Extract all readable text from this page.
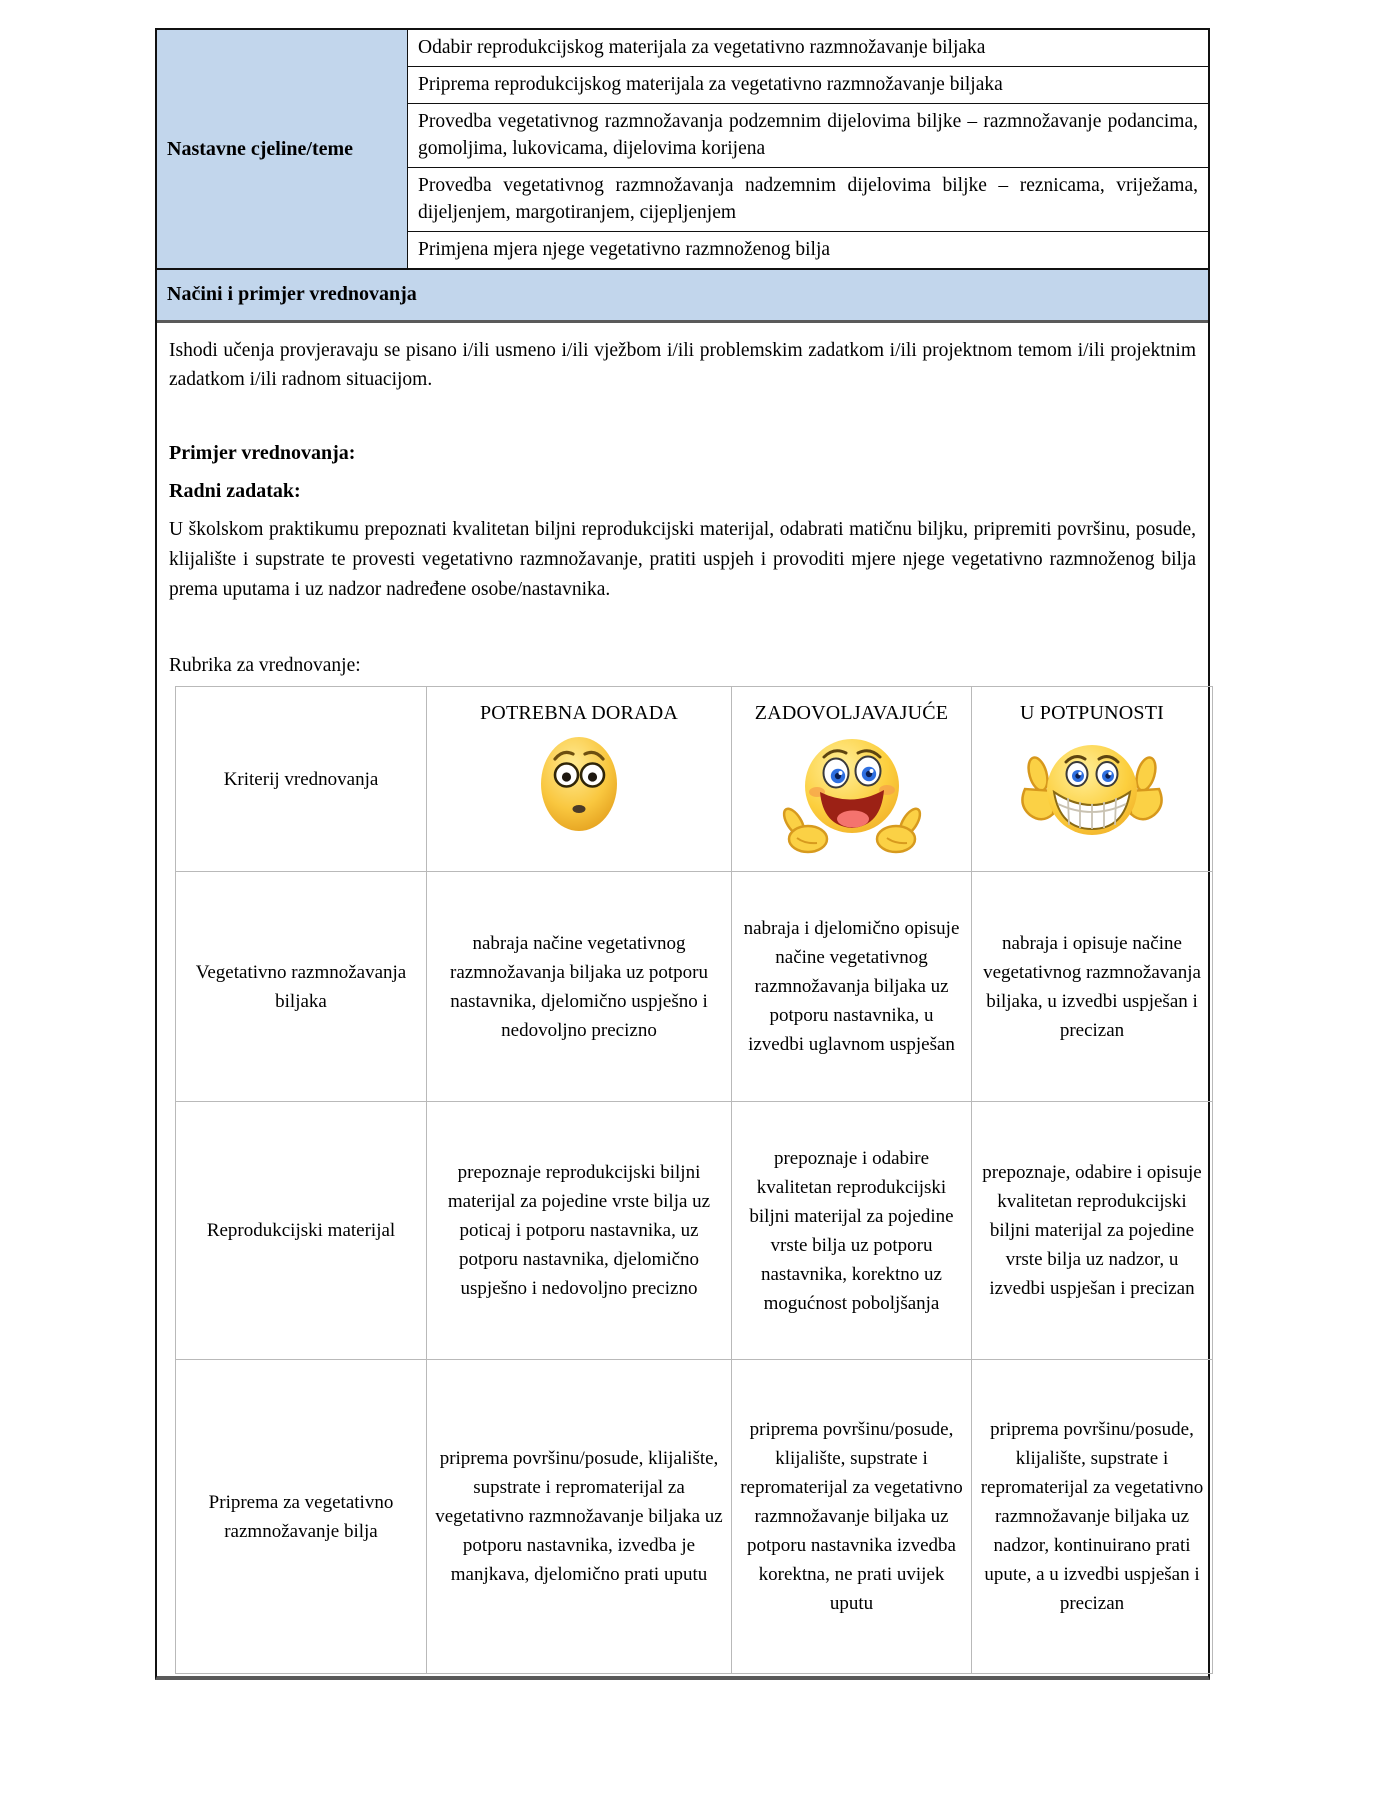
Nastavne cjeline/teme
Odabir reprodukcijskog materijala za vegetativno razmnožavanje biljaka
Priprema reprodukcijskog materijala za vegetativno razmnožavanje biljaka
Provedba vegetativnog razmnožavanja podzemnim dijelovima biljke – razmnožavanje podancima, gomoljima, lukovicama, dijelovima korijena
Provedba vegetativnog razmnožavanja nadzemnim dijelovima biljke – reznicama, vriježama, dijeljenjem, margotiranjem, cijepljenjem
Primjena mjera njege vegetativno razmnoženog bilja
Načini i primjer vrednovanja

Ishodi učenja provjeravaju se pisano i/ili usmeno i/ili vježbom i/ili problemskim zadatkom i/ili projektnom temom i/ili projektnim zadatkom i/ili radnom situacijom.

Primjer vrednovanja:

Radni zadatak:

U školskom praktikumu prepoznati kvalitetan biljni reprodukcijski materijal, odabrati matičnu biljku, pripremiti površinu, posude, klijalište i supstrate te provesti vegetativno razmnožavanje, pratiti uspjeh i provoditi mjere njege vegetativno razmnoženog bilja prema uputama i uz nadzor nadređene osobe/nastavnika.

Rubrika za vrednovanje:

Kriterij vrednovanja	POTREBNA DORADA	ZADOVOLJAVAJUĆE	U POTPUNOSTI

Vegetativno razmnožavanja biljaka	nabraja načine vegetativnog razmnožavanja biljaka uz potporu nastavnika, djelomično uspješno i nedovoljno precizno	nabraja i djelomično opisuje načine vegetativnog razmnožavanja biljaka uz potporu nastavnika, u izvedbi uglavnom uspješan	nabraja i opisuje načine vegetativnog razmnožavanja biljaka, u izvedbi uspješan i precizan
Reprodukcijski materijal	prepoznaje reprodukcijski biljni materijal za pojedine vrste bilja uz poticaj i potporu nastavnika, uz potporu nastavnika, djelomično uspješno i nedovoljno precizno	prepoznaje i odabire kvalitetan reprodukcijski biljni materijal za pojedine vrste bilja uz potporu nastavnika, korektno uz mogućnost poboljšanja	prepoznaje, odabire i opisuje kvalitetan reprodukcijski biljni materijal za pojedine vrste bilja uz nadzor, u izvedbi uspješan i precizan
Priprema za vegetativno razmnožavanje bilja	priprema površinu/posude, klijalište, supstrate i repromaterijal za vegetativno razmnožavanje biljaka uz potporu nastavnika, izvedba je manjkava, djelomično prati uputu	priprema površinu/posude, klijalište, supstrate i repromaterijal za vegetativno razmnožavanje biljaka uz potporu nastavnika izvedba korektna, ne prati uvijek uputu	priprema površinu/posude, klijalište, supstrate i repromaterijal za vegetativno razmnožavanje biljaka uz nadzor, kontinuirano prati upute, a u izvedbi uspješan i precizan
